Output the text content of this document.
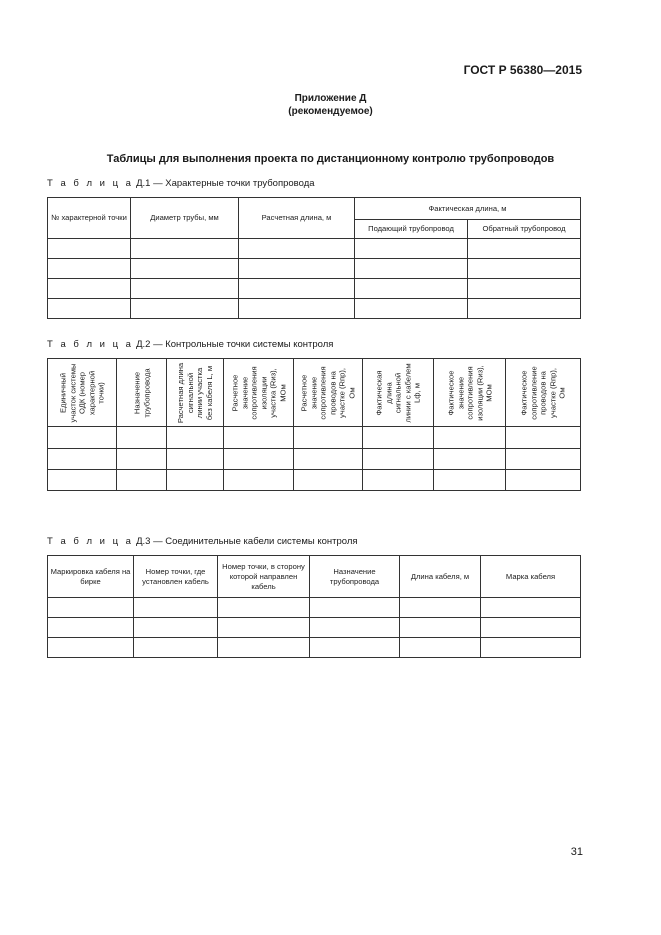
ГОСТ Р 56380—2015
Приложение Д
(рекомендуемое)
Таблицы для выполнения проекта по дистанционному контролю трубопроводов
Т а б л и ц а Д.1 — Характерные точки трубопровода
№ характерной точки	Диаметр трубы, мм	Расчетная длина, м	Фактическая длина, м	
			Подающий трубопровод	Обратный трубопровод

Т а б л и ц а Д.2 — Контрольные точки системы контроля
Единичный участок системы ОДК (номер характерной точки)	Назначение трубопровода	Расчетная длина сигнальной линии участка без кабеля L, м	Расчетное значение сопротивления изоляции участка (Rиз), МОм	Расчетное значение сопротивления проводов на участке (Rпр), Ом	Фактическая длина сигнальной линии с кабелем Lф, м	Фактическое значение сопротивления изоляции (Rиз), МОм	Фактическое сопротивление проводов на участке (Rпр), Ом

Т а б л и ц а Д.3 — Соединительные кабели системы контроля
Маркировка кабеля на бирке	Номер точки, где установлен кабель	Номер точки, в сторону которой направлен кабель	Назначение трубопровода	Длина кабеля, м	Марка кабеля

31
